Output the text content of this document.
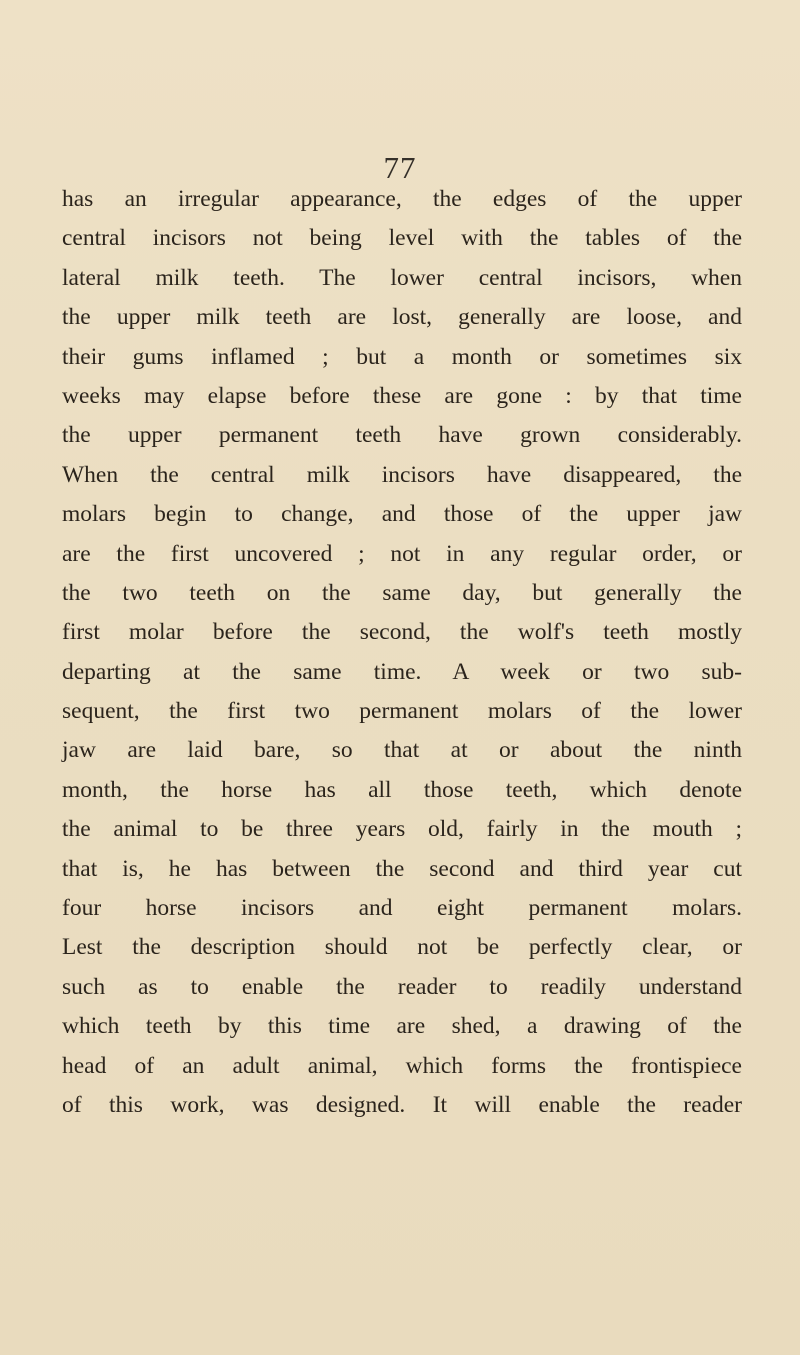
77
has an irregular appearance, the edges of the upper
central incisors not being level with the tables of the
lateral milk teeth. The lower central incisors, when
the upper milk teeth are lost, generally are loose, and
their gums inflamed ; but a month or sometimes six
weeks may elapse before these are gone : by that time
the upper permanent teeth have grown considerably.
When the central milk incisors have disappeared, the
molars begin to change, and those of the upper jaw
are the first uncovered ; not in any regular order, or
the two teeth on the same day, but generally the
first molar before the second, the wolf's teeth mostly
departing at the same time. A week or two sub-
sequent, the first two permanent molars of the lower
jaw are laid bare, so that at or about the ninth
month, the horse has all those teeth, which denote
the animal to be three years old, fairly in the mouth ;
that is, he has between the second and third year cut
four horse incisors and eight permanent molars.
Lest the description should not be perfectly clear, or
such as to enable the reader to readily understand
which teeth by this time are shed, a drawing of the
head of an adult animal, which forms the frontispiece
of this work, was designed. It will enable the reader
